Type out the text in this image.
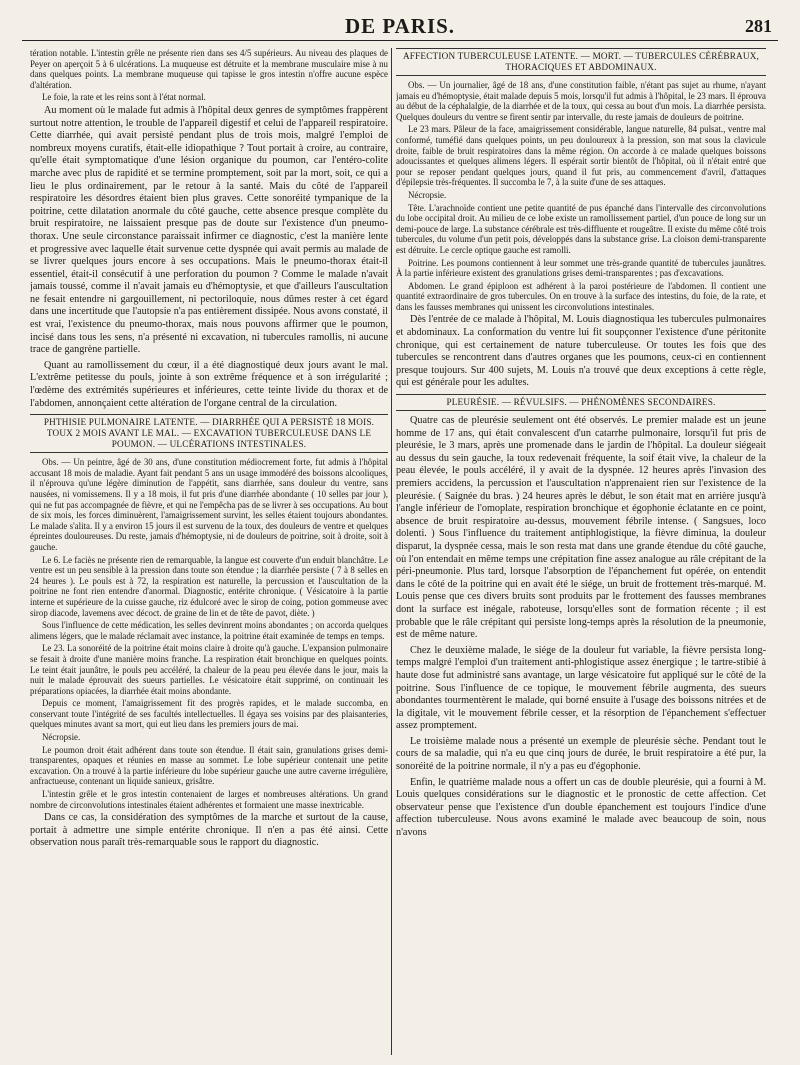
DE PARIS.	281

tération notable. L'intestin grêle ne présente rien dans ses 4/5 supérieurs. Au niveau des plaques de Peyer on aperçoit 5 à 6 ulcérations. La muqueuse est détruite et la membrane musculaire mise à nu dans quelques points. La membrane muqueuse qui tapisse le gros intestin n'offre aucune espèce d'altération.

Le foie, la rate et les reins sont à l'état normal.

Au moment où le malade fut admis à l'hôpital deux genres de symptômes frappèrent surtout notre attention, le trouble de l'appareil digestif et celui de l'appareil respiratoire. Cette diarrhée, qui avait persisté pendant plus de trois mois, malgré l'emploi de nombreux moyens curatifs, était-elle idiopathique ? Tout portait à croire, au contraire, qu'elle était symptomatique d'une lésion organique du poumon, car l'entéro-colite marche avec plus de rapidité et se termine promptement, soit par la mort, soit, ce qui a lieu le plus ordinairement, par le retour à la santé. Mais du côté de l'appareil respiratoire les désordres étaient bien plus graves. Cette sonoréité tympanique de la poitrine, cette dilatation anormale du côté gauche, cette absence presque complète du bruit respiratoire, ne laissaient presque pas de doute sur l'existence d'un pneumo-thorax. Une seule circonstance paraissait infirmer ce diagnostic, c'est la manière lente et progressive avec laquelle était survenue cette dyspnée qui avait permis au malade de se livrer quelques jours encore à ses occupations. Mais le pneumo-thorax était-il essentiel, était-il consécutif à une perforation du poumon ? Comme le malade n'avait jamais toussé, comme il n'avait jamais eu d'hémoptysie, et que d'ailleurs l'auscultation ne fesait entendre ni gargouillement, ni pectoriloquie, nous dûmes rester à cet égard dans une incertitude que l'autopsie n'a pas entièrement dissipée. Nous avons constaté, il est vrai, l'existence du pneumo-thorax, mais nous pouvons affirmer que le poumon, incisé dans tous les sens, n'a présenté ni excavation, ni tubercules ramollis, ni aucune trace de gangrène partielle.

Quant au ramollissement du cœur, il a été diagnostiqué deux jours avant le mal. L'extrême petitesse du pouls, jointe à son extrême fréquence et à son irrégularité ; l'œdème des extrémités supérieures et inférieures, cette teinte livide du thorax et de l'abdomen, annonçaient cette altération de l'organe central de la circulation.

PHTHISIE PULMONAIRE LATENTE. — DIARRHÉE QUI A PERSISTÉ 18 MOIS. TOUX 2 MOIS AVANT LE MAL. — EXCAVATION TUBERCULEUSE DANS LE POUMON. — ULCÉRATIONS INTESTINALES.

Obs. — Un peintre, âgé de 30 ans, d'une constitution médiocrement forte, fut admis à l'hôpital accusant 18 mois de maladie. Ayant fait pendant 5 ans un usage immodéré des boissons alcooliques, il n'éprouva qu'une légère diminution de l'appétit, sans diarrhée, sans douleur du ventre, sans nausées, ni vomissemens. Il y a 18 mois, il fut pris d'une diarrhée abondante ( 10 selles par jour ), qui ne fut pas accompagnée de fièvre, et qui ne l'empêcha pas de se livrer à ses occupations. Au bout de six mois, les forces diminuèrent, l'amaigrissement survint, les selles étaient toujours abondantes. Le malade s'alita. Il y a environ 15 jours il est survenu de la toux, des douleurs de ventre et quelques épreintes douloureuses. Du reste, jamais d'hémoptysie, ni de douleurs de poitrine, soit à droite, soit à gauche.

Le 6. Le faciès ne présente rien de remarquable, la langue est couverte d'un enduit blanchâtre. Le ventre est un peu sensible à la pression dans toute son étendue ; la diarrhée persiste ( 7 à 8 selles en 24 heures ). Le pouls est à 72, la respiration est naturelle, la percussion et l'auscultation de la poitrine ne font rien entendre d'anormal. Diagnostic, entérite chronique. ( Vésicatoire à la partie interne et supérieure de la cuisse gauche, riz édulcoré avec le sirop de coing, potion gommeuse avec sirop diacode, lavemens avec décoct. de graine de lin et de tête de pavot, diète. )

Sous l'influence de cette médication, les selles devinrent moins abondantes ; on accorda quelques alimens légers, que le malade réclamait avec instance, la poitrine était examinée de temps en temps.

Le 23. La sonoréité de la poitrine était moins claire à droite qu'à gauche. L'expansion pulmonaire se fesait à droite d'une manière moins franche. La respiration était bronchique en quelques points. Le teint était jaunâtre, le pouls peu accéléré, la chaleur de la peau peu élevée dans le jour, mais la nuit le malade éprouvait des sueurs partielles. Le vésicatoire était supprimé, on continuait les préparations opiacées, la diarrhée était moins abondante.

Depuis ce moment, l'amaigrissement fit des progrès rapides, et le malade succomba, en conservant toute l'intégrité de ses facultés intellectuelles. Il égaya ses voisins par des plaisanteries, quelques minutes avant sa mort, qui eut lieu dans les premiers jours de mai.

Nécropsie.

Le poumon droit était adhérent dans toute son étendue. Il était sain, granulations grises demi-transparentes, opaques et réunies en masse au sommet. Le lobe supérieur contenait une petite excavation. On a trouvé à la partie inférieure du lobe supérieur gauche une autre caverne irrégulière, anfractueuse, contenant un liquide sanieux, grisâtre.

L'intestin grêle et le gros intestin contenaient de larges et nombreuses altérations. Un grand nombre de circonvolutions intestinales étaient adhérentes et formaient une masse inextricable.

Dans ce cas, la considération des symptômes de la marche et surtout de la cause, portait à admettre une simple entérite chronique. Il n'en a pas été ainsi. Cette observation nous paraît très-remarquable sous le rapport du diagnostic.

AFFECTION TUBERCULEUSE LATENTE. — MORT. — TUBERCULES CÉRÉBRAUX, THORACIQUES ET ABDOMINAUX.

Obs. — Un journalier, âgé de 18 ans, d'une constitution faible, n'étant pas sujet au rhume, n'ayant jamais eu d'hémoptysie, était malade depuis 5 mois, lorsqu'il fut admis à l'hôpital, le 23 mars. Il éprouva au début de la céphalalgie, de la diarrhée et de la toux, qui cessa au bout d'un mois. La diarrhée persista. Quelques douleurs du ventre se firent sentir par intervalle, du reste jamais de douleurs de poitrine.

Le 23 mars. Pâleur de la face, amaigrissement considérable, langue naturelle, 84 pulsat., ventre mal conformé, tuméfié dans quelques points, un peu douloureux à la pression, son mat sous la clavicule droite, faible de bruit respiratoires dans la même région. On accorde à ce malade quelques boissons adoucissantes et quelques alimens légers. Il espérait sortir bientôt de l'hôpital, où il n'était entré que pour se reposer pendant quelques jours, quand il fut pris, au commencement d'avril, d'attaques d'épilepsie très-fréquentes. Il succomba le 7, à la suite d'une de ses attaques.

Nécropsie.

Tête. L'arachnoïde contient une petite quantité de pus épanché dans l'intervalle des circonvolutions du lobe occipital droit. Au milieu de ce lobe existe un ramollissement partiel, d'un pouce de long sur un demi-pouce de large. La substance cérébrale est très-diffluente et rougeâtre. Il existe du même côté trois tubercules, du volume d'un petit pois, développés dans la substance grise. La cloison demi-transparente est détruite. Le cercle optique gauche est ramolli.

Poitrine. Les poumons contiennent à leur sommet une très-grande quantité de tubercules jaunâtres. À la partie inférieure existent des granulations grises demi-transparentes ; pas d'excavations.

Abdomen. Le grand épiploon est adhérent à la paroi postérieure de l'abdomen. Il contient une quantité extraordinaire de gros tubercules. On en trouve à la surface des intestins, du foie, de la rate, et dans les fausses membranes qui unissent les circonvolutions intestinales.

Dès l'entrée de ce malade à l'hôpital, M. Louis diagnostiqua les tubercules pulmonaires et abdominaux. La conformation du ventre lui fit soupçonner l'existence d'une péritonite chronique, qui est certainement de nature tuberculeuse. Or toutes les fois que des tubercules se rencontrent dans d'autres organes que les poumons, ceux-ci en contiennent presque toujours. Sur 400 sujets, M. Louis n'a trouvé que deux exceptions à cette règle, qui est générale pour les adultes.

PLEURÉSIE. — RÉVULSIFS. — PHÉNOMÈNES SECONDAIRES.

Quatre cas de pleurésie seulement ont été observés. Le premier malade est un jeune homme de 17 ans, qui était convalescent d'un catarrhe pulmonaire, lorsqu'il fut pris de pleurésie, le 3 mars, après une promenade dans le jardin de l'hôpital. La douleur siégeait au dessus du sein gauche, la toux redevenait fréquente, la soif était vive, la chaleur de la peau élevée, le pouls accéléré, il y avait de la dyspnée. 12 heures après l'invasion des premiers accidens, la percussion et l'auscultation n'apprenaient rien sur l'existence de la pleurésie. ( Saignée du bras. ) 24 heures après le début, le son était mat en arrière jusqu'à l'angle inférieur de l'omoplate, respiration bronchique et égophonie éclatante en ce point, absence de bruit respiratoire au-dessus, mouvement fébrile intense. ( Sangsues, loco dolenti. ) Sous l'influence du traitement antiphlogistique, la fièvre diminua, la douleur disparut, la dyspnée cessa, mais le son resta mat dans une grande étendue du côté gauche, où l'on entendait en même temps une crépitation fine assez analogue au râle crépitant de la péri-pneumonie. Plus tard, lorsque l'absorption de l'épanchement fut opérée, on entendit dans le côté de la poitrine qui en avait été le siége, un bruit de frottement très-marqué. M. Louis pense que ces divers bruits sont produits par le frottement des fausses membranes dont la surface est inégale, raboteuse, lorsqu'elles sont de formation récente ; il est probable que le râle crépitant qui persiste long-temps après la résolution de la pneumonie, est de même nature.

Chez le deuxième malade, le siége de la douleur fut variable, la fièvre persista long-temps malgré l'emploi d'un traitement anti-phlogistique assez énergique ; le tartre-stibié à haute dose fut administré sans avantage, un large vésicatoire fut appliqué sur le côté de la poitrine. Sous l'influence de ce topique, le mouvement fébrile augmenta, des sueurs abondantes tourmentèrent le malade, qui borné ensuite à l'usage des boissons nitrées et de la digitale, vit le mouvement fébrile cesser, et la résorption de l'épanchement s'effectuer assez promptement.

Le troisième malade nous a présenté un exemple de pleurésie sèche. Pendant tout le cours de sa maladie, qui n'a eu que cinq jours de durée, le bruit respiratoire a été pur, la sonoréité de la poitrine normale, il n'y a pas eu d'égophonie.

Enfin, le quatrième malade nous a offert un cas de double pleurésie, qui a fourni à M. Louis quelques considérations sur le diagnostic et le pronostic de cette affection. Cet observateur pense que l'existence d'un double épanchement est toujours l'indice d'une affection tuberculeuse. Nous avons examiné le malade avec beaucoup de soin, nous n'avons
